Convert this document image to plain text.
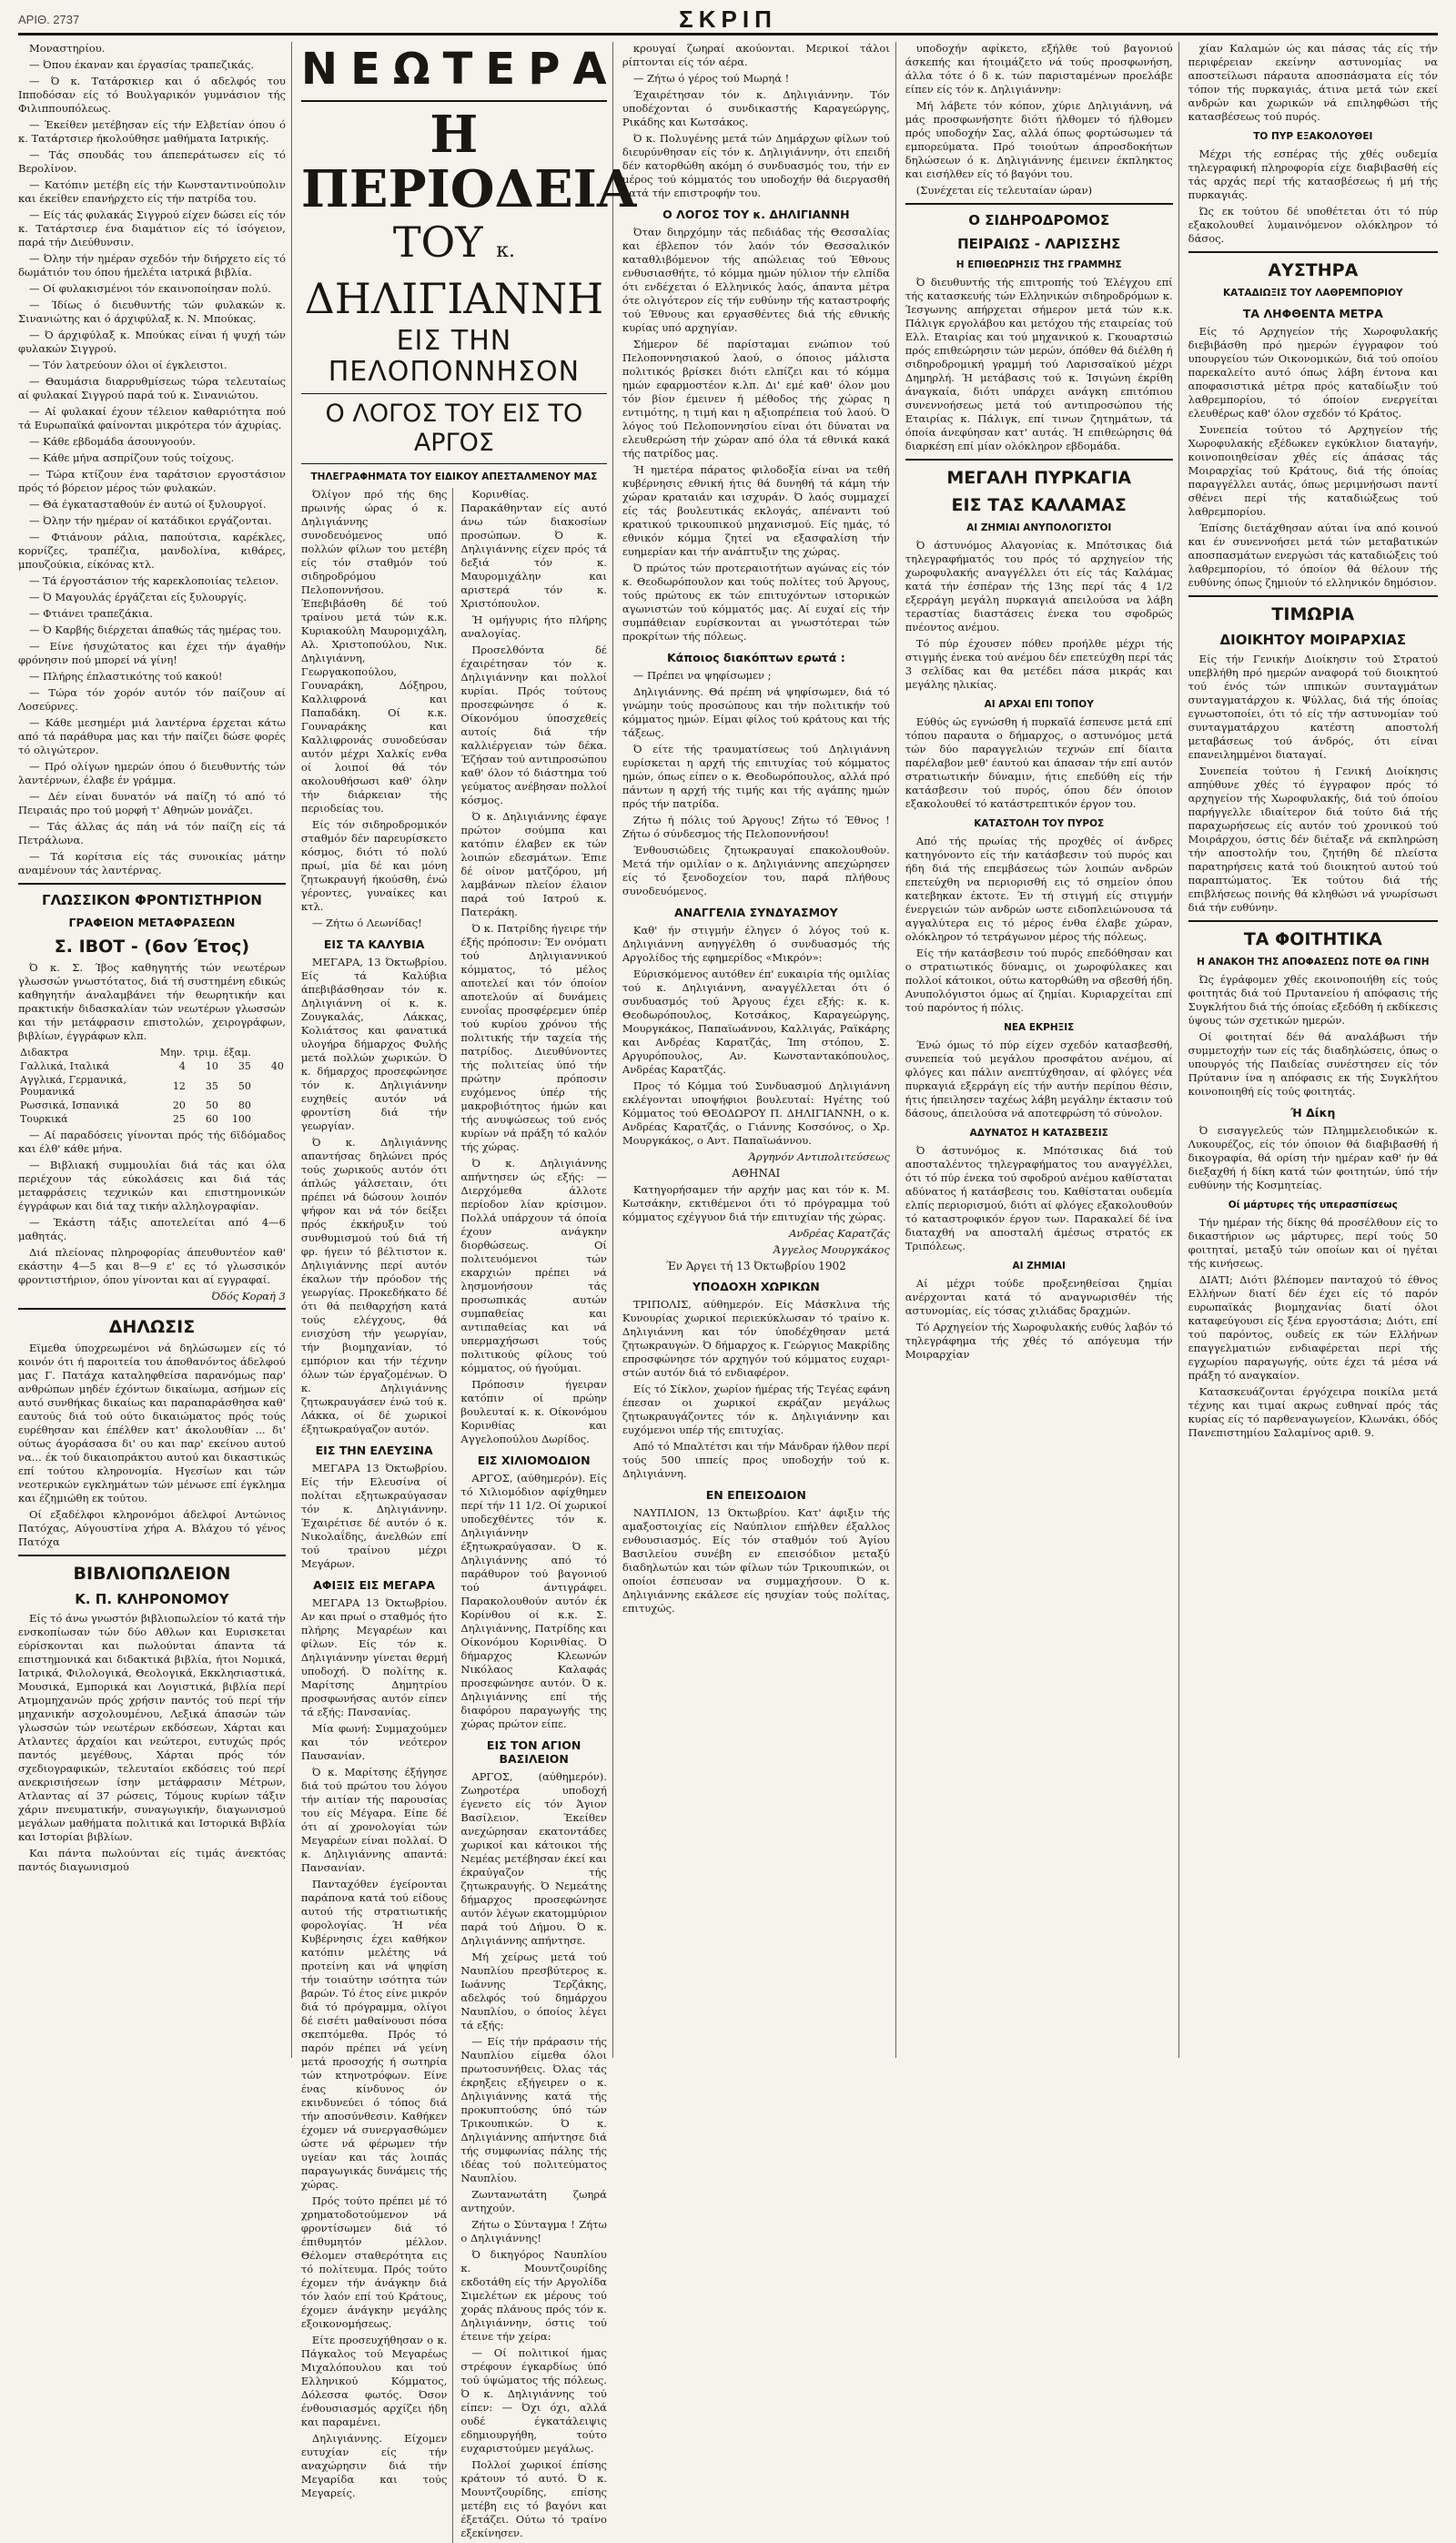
ΑΡΙΘ. 2737	ΣΚΡΙΠ

Μοναστηρίου.

— Όπου έκαναν και έργασίας τραπεζικάς.

— Ό κ. Τατάρσκιερ και ό αδελφός του Ιπποδόσαν είς τό Βουλγαρικόν γυμνάσιον τής Φιλιππουπόλεως.

— Έκείθεν μετέβησαν είς τήν Ελβετίαν όπου ό κ. Τατάρτσιερ ήκολούθησε μαθήματα Ιατρικής.

— Τάς σπουδάς του άπεπεράτωσεν είς τό Βερολίνον.

— Κατόπιν μετέβη είς τήν Κωνσταντινούπολιν και έκείθεν επανήρχετο είς τήν πατρίδα του.

— Είς τάς φυλακάς Σιγγρού είχεν δώσει είς τόν κ. Τατάρτσιερ ένα διαμάτιον είς τό ίσόγειον, παρά τήν Διεύθυνσιν.

— Όλην τήν ημέραν σχεδόν τήν διήρχετο είς τό δωμάτιόν του όπου ήμελέτα ιατρικά βιβλία.

— Οί φυλακισμένοι τόν εκαινοποίησαν πολύ.

— Ίδίως ό διευθυντής τών φυλακών κ. Σινανιώτης και ό άρχιφύλαξ κ. Ν. Μπούκας.

— Ό άρχιφύλαξ κ. Μπούκας είναι ή ψυχή τών φυλακών Σιγγρού.

— Τόν λατρεύουν όλοι οί έγκλειστοι.

— Θαυμάσια διαρρυθμίσεως τώρα τελευταίως αί φυλακαί Σιγγρού παρά τού κ. Σινανιώτου.

— Αί φυλακαί έχουν τέλειον καθαριότητα πού τά Ευρωπαϊκά φαίνονται μικρότερα τόν άχυρίας.

— Κάθε εβδομάδα άσουνγοούν.

— Κάθε μήνα ασπρίζουν τούς τοίχους.

— Τώρα κτίζουν ένα ταράτσιον εργοστάσιον πρός τό βόρειον μέρος τών φυλακών.

— Θά έγκατασταθούν έν αυτώ οί ξυλουργοί.

— Όλην τήν ημέραν οί κατάδικοι εργάζονται.

— Φτιάνουν ράλια, παπούτσια, καρέκλες, κορνίζες, τραπέζια, μανδολίνα, κιθάρες, μπουζούκια, είκόνας κτλ.

— Τά έργοστάσιον τής καρεκλοποιίας τελειον.

— Ό Μαγουλάς έργάζεται είς ξυλουργίς.

— Φτιάνει τραπεζάκια.

— Ό Καρβής διέρχεται άπαθώς τάς ημέρας του.

— Είνε ήσυχώτατος και έχει τήν άγαθήν φρόνησιν πού μπορεί νά γίνη!

— Πλήρης έπλαστικότης τού κακού!

— Τώρα τόν χορόν αυτόν τόν παίζουν αί Λοσεύρνες.

— Κάθε μεσημέρι μιά λαντέρνα έρχεται κάτω από τά παράθυρα μας και τήν παίζει δώσε φορές τό ολιγώτερον.

— Πρό ολίγων ημερών όπου ό διευθυντής τών λαντέρνων, έλαβε έν γράμμα.

— Δέν είναι δυνατόν νά παίζη τό από τό Πειραιάς προ τού μορφή τ' Αθηνών μονάζει.

— Τάς άλλας άς πάη νά τόν παίζη είς τά Πετράλωνα.

— Τά κορίτσια είς τάς συνοικίας μάτην αναμένουν τάς λαντέρνας.

ΓΛΩΣΣΙΚΟΝ ΦΡΟΝΤΙΣΤΗΡΙΟΝ
ΓΡΑΦΕΙΟΝ ΜΕΤΑΦΡΑΣΕΩΝ
Σ. ΙΒΟΤ - (6ον Έτος)

Ό κ. Σ. Ίβος καθηγητής τών νεωτέρων γλωσσών γνωστότατος, διά τή συστημένη εδικώς καθηγητήν άναλαμβάνει τήν θεωρητικήν και πρακτικήν διδασκαλίαν τών νεωτέρων γλωσσών και τήν μετάφρασιν επιστολών, χειρογράφων, βιβλίων, έγγράφων κλπ.

Διδακτρα	Μην.	τριμ.	έξαμ.	
Γαλλικά, Ιταλικά	4	10	35	40
Αγγλικά, Γερμανικά, Ρουμανικά	12	35	50	
Ρωσσικά, Ισπανικά	20	50	80	
Τουρκικά	25	60	100	

— Αί παραδόσεις γίνονται πρός τής 6ϊδόμαδος και έλθ' κάθε μήνα.

— Βιβλιακή συμμουλίαι διά τάς και όλα περιέχουν τάς εύκολάσεις και διά τάς μεταφράσεις τεχνικών και επιστημονικών έγγράφων και διά ταχ τικήν αλληλογραφίαν.

— Έκάστη τάξις αποτελείται από 4—6 μαθητάς.

Διά πλείονας πληροφορίας άπευθυντέον καθ' εκάστην 4—5 και 8—9 ε' ες τό γλωσσικόν φροντιστήριον, όπου γίνονται και αί εγγραφαί.

Όδός Κοραή 3
ΔΗΛΩΣΙΣ

Εϊμεθα ύποχρεωμένοι νά δηλώσωμεν είς τό κοινόν ότι ή παροιτεία του άποθανόντος άδελφού μας Γ. Πατάχα καταληφθείσα παρανόμως παρ' ανθρώπων μηδέν έχόντων δικαίωμα, ασήμων είς αυτό συνθήκας δικαίως και παραπαράσθησα καθ' εαυτούς διά τού ούτο δικαιώματος πρός τούς ευρέθησαν και έπέλθεν κατ' άκολουθίαν ... δι' ούτως άγοράσασα δι' ου και παρ' εκείνου αυτού να... έκ τού δικαιοπράκτου αυτού και δικαστικώς επί τούτου κληρονομία. Ηγεσίων και τών νεοτερικών εγκλημάτων τών μένωσε επί έγκλημα και έζημιώθη εκ τούτου.

Οί εξαδέλφοι κληρονόμοι άδελφοί Αντώνιος Πατόχας, Αύγουστίνα χήρα Α. Βλάχου τό γένος Πατόχα

ΒΙΒΛΙΟΠΩΛΕΙΟΝ
Κ. Π. ΚΛΗΡΟΝΟΜΟΥ

Είς τό άνω γνωστόν βιβλιοπωλείον τό κατά τήν ενσκοπίωσαν τών δύο Αθλων και Ευρισκεται εύρίσκονται και πωλούνται άπαντα τά επιστημονικά και διδακτικά βιβλία, ήτοι Νομικά, Ιατρικά, Φιλολογικά, Θεολογικά, Εκκλησιαστικά, Μουσικά, Εμπορικά και Λογιστικά, βιβλία περί Ατμομηχανών πρός χρήσιν παντός τού περί τήν μηχανικήν ασχολουμένου, Λεξικά άπασών τών γλωσσών τών νεωτέρων εκδόσεων, Χάρται και Ατλαντες άρχαίοι και νεώτεροι, ευτυχώς πρός παντός μεγέθους, Χάρται πρός τόν σχεδιογραφικών, τελευταίοι εκδόσεις τού περί ανεκρισιήσεων ίσην μετάφρασιν Μέτρων, Ατλαντας αί 37 ρώσεις, Τόμους κυρίων τάξιν χάριν πνευματικήν, συναγωγικήν, διαγωνισμού μεγάλων μαθήματα πολιτικά και Ιστορικά Βιβλία και Ιστορίαι βιβλίων.

Και πάντα πωλούνται είς τιμάς άνεκτόας παντός διαγωνισμού

ΝΕΩΤΕΡΑ
Η ΠΕΡΙΟΔΕΙΑ
ΤΟΥ κ. ΔΗΛΙΓΙΑΝΝΗ
ΕΙΣ ΤΗΝ ΠΕΛΟΠΟΝΝΗΣΟΝ
Ο ΛΟΓΟΣ ΤΟΥ ΕΙΣ ΤΟ ΑΡΓΟΣ
ΤΗΛΕΓΡΑΦΗΜΑΤΑ ΤΟΥ ΕΙΔΙΚΟΥ ΑΠΕΣΤΑΛΜΕΝΟΥ ΜΑΣ

Όλίγον πρό τής 6ης πρωινής ώρας ό κ. Δηλιγιάννης συνοδευόμενος υπό πολλών φίλων του μετέβη είς τόν σταθμόν τού σιδηροδρόμου Πελοποννήσου. Έπεβιβάσθη δέ τού τραίνου μετά τών κ.κ. Κυριακούλη Μαυρομιχάλη, Αλ. Χριστοπούλου, Νικ. Δηλιγιάννη, Γεωργακοπούλου, Γουναράκη, Δόξηρου, Καλλιφρονά και Παπαδάκη. Οί κ.κ. Γουναράκης και Καλλιφρονάς συνοδεύσαν αυτόν μέχρι Χαλκίς ενθα οί λοιποί θά τόν ακολουθήσωσι καθ' όλην τήν διάρκειαν τής περιοδείας του.

Είς τόν σιδηροδρομικόν σταθμόν δέν παρευρίσκετο κόσμος, διότι τό πολύ πρωί, μία δέ και μόνη ζητωκραυγή ήκούσθη, ένώ γέροντες, γυναίκες και κτλ.

— Ζήτω ό Λεωνίδας!

ΕΙΣ ΤΑ ΚΑΛΥΒΙΑ

ΜΕΓΑΡΑ, 13 Όκτωβρίου. Είς τά Καλύβια άπεβιβάσθησαν τόν κ. Δηλιγιάννη οί κ. κ. Ζουγκαλάς, Λάκκας, Κολιάτσος και φανατικά υλογήρα δήμαρχος Φυλής μετά πολλών χωρικών. Ό κ. δήμαρχος προσεφώνησε τόν κ. Δηλιγιάννην ευχηθείς αυτόν νά φροντίση διά τήν γεωργίαν.

Ό κ. Δηλιγιάννης απαντήσας δηλώνει πρός τούς χωρικούς αυτόν ότι άπλώς γάλσεταιν, ότι πρέπει νά δώσουν λοιπόν ψήφον και νά τόν δείξει πρός έκκήρυξιν τού συνθυμισμού τού διά τή φρ. ήγειν τό βέλτιστον κ. Δηλιγιάννης περί αυτόν έκαλων τήν πρόοδον τής γεωργίας. Προκεδήκατο δέ ότι θά πειθαρχήση κατά τούς ελέγχους, θά ενισχύση τήν γεωργίαν, τήν βιομηχανίαν, τό εμπόριον και τήν τέχνην όλων τών έργαζομένων. Ό κ. Δηλιγιάννης ζητωκραυγάσεν ένώ τού κ. Λάκκα, οί δέ χωρικοί έξητωκραύγαζον αυτόν.

ΕΙΣ ΤΗΝ ΕΛΕΥΣΙΝΑ

ΜΕΓΑΡΑ 13 Όκτωβρίου. Είς τήν Ελευσίνα οί πολίται εξητωκραύγασαν τόν κ. Δηλιγιάννην. Έχαιρέτισε δέ αυτόν ό κ. Νικολαΐδης, άνελθών επί τού τραίνου μέχρι Μεγάρων.

ΑΦΙΞΙΣ ΕΙΣ ΜΕΓΑΡΑ

ΜΕΓΑΡΑ 13 Όκτωβρίου. Αν και πρωί ο σταθμός ήτο πλήρης Μεγαρέων και φίλων. Είς τόν κ. Δηλιγιάννην γίνεται θερμή υποδοχή. Ό πολίτης κ. Μαρίτσης Δημητρίου προσφωνήσας αυτόν είπεν τά εξής: Πανσανίας.

Μία φωνή: Συμμαχούμεν και τόν νεότερον Παυσανίαν.

Ό κ. Μαρίτσης έξήγησε διά τού πρώτου του λόγου τήν αιτίαν τής παρουσίας του είς Μέγαρα. Είπε δέ ότι αί χρονολογίαι τών Μεγαρέων είναι πολλαί. Ό κ. Δηλιγιάννης απαντά: Πανσανίαν.

Πανταχόθεν έγείρονται παράπονα κατά τού είδους αυτού τής στρατιωτικής φορολογίας. Ή νέα Κυβέρνησις έχει καθήκον κατόπιν μελέτης νά προτείνη και νά ψηφίση τήν τοιαύτην ισότητα τών βαρών. Τό έτος είνε μικρόν διά τό πρόγραμμα, ολίγοι δέ εισέτι μαθαίνουσι πόσα σκεπτόμεθα. Πρός τό παρόν πρέπει νά γείνη μετά προσοχής ή σωτηρία τών κτηνοτρόφων. Είνε ένας κίνδυνος όν εκινδυνεύει ό τόπος διά τήν αποσύνθεσιν. Καθήκεν έχομεν νά συνεργασθώμεν ώστε νά φέρωμεν τήν υγείαν και τάς λοιπάς παραγωγικάς δυνάμεις τής χώρας.

Πρός τούτο πρέπει μέ τό χρηματοδοτούμενον νά φροντίσωμεν διά τό έπιθυμητόν μέλλον. Θέλομεν σταθερότητα εις τό πολίτευμα. Πρός τούτο έχομεν τήν άνάγκην διά τόν λαόν επί τού Κράτους, έχομεν άνάγκην μεγάλης εξοικονομήσεως.

Είτε προσευχήθησαν ο κ. Πάγκαλος τού Μεγαρέως Μιχαλόπουλου και τού Ελληνικού Κόμματος, Δόλεσσα φωτός. Όσον ένθουσιασμός αρχίζει ήδη και παραμένει.

Δηλιγιάννης. Είχομεν ευτυχίαν είς τήν αναχώρησιν διά τήν Μεγαρίδα και τούς Μεγαρείς.

Κορινθίας. Παρακάθηνταν είς αυτό άνω τών διακοσίων προσώπων. Ό κ. Δηλιγιάννης είχεν πρός τά δεξιά τόν κ. Μαυρομιχάλην και αριστερά τόν κ. Χριστόπουλον.

Ή ομήγυρις ήτο πλήρης αναλογίας.

Προσελθόντα δέ έχαιρέτησαν τόν κ. Δηλιγιάννην και πολλοί κυρίαι. Πρός τούτους προσεφώνησε ό κ. Οίκονόμου ύποσχεθείς αυτοίς διά τήν καλλιέργειαν τών δέκα. Έζήσαν τού αντιπροσώπου καθ' όλον τό διάστημα τού γεύματος ανέβησαν πολλοί κόσμος.

Ό κ. Δηλιγιάννης έφαγε πρώτον σούμπα και κατόπιν έλαβεν εκ τών λοιπών εδεσμάτων. Έπιε δέ οίνον ματζόρου, μή λαμβάνων πλείον έλαιον παρά τού Ιατρού κ. Πατεράκη.

Ό κ. Πατρίδης ήγειρε τήν έξής πρόποσιν: Έν ονόματι τού Δηλιγιαννικού κόμματος, τό μέλος αποτελεί και τόν όποίον αποτελούν αί δυνάμεις ευνοΐας προσφέρεμεν ύπέρ τού κυρίου χρόνου τής πολιτικής τήν ταχεία τής πατρίδος. Διευθύνοντες τής πολιτείας ύπό τήν πρώτην πρόποσιν ευχόμενος ύπέρ τής μακροβιότητος ήμών και τής ανυψώσεως τού ενός κυρίων νά πράξη τό καλόν τής χώρας.

Ό κ. Δηλιγιάννης απήντησεν ώς εξής: — Διερχόμεθα άλλοτε περίοδον λίαν κρίσιμον. Πολλά υπάρχουν τά όποία έχουν ανάγκην διορθώσεως. Οί πολιτευόμενοι τών εκαρχιών πρέπει νά λησμονήσουν τάς προσωπικάς αυτών συμπαθείας και αντιπαθείας και νά υπερμαχήσωσι τούς πολιτικούς φίλους τού κόμματος, ού ήγούμαι.

Πρόποσιν ήγειραν κατόπιν οί πρώην βουλευταί κ. κ. Οίκονόμου Κορινθίας και Αγγελοπούλου Δωρίδος.

ΕΙΣ ΧΙΛΙΟΜΟΔΙΟΝ

ΑΡΓΟΣ, (αύθημερόν). Είς τό Χιλιομόδιον αφίχθημεν περί τήν 11 1/2. Οί χωρικοί υποδεχθέντες τόν κ. Δηλιγιάννην έξητωκραύγασαν. Ό κ. Δηλιγιάννης από τό παράθυρον τού βαγονιού τού άντιγράφει. Παρακολουθούν αυτόν έκ Κορίνθου οί κ.κ. Σ. Δηλιγιάννης, Πατρίδης και Οίκονόμου Κορινθίας. Ό δήμαρχος Κλεωνών Νικόλαος Καλαφάς προσεφώνησε αυτόν. Ό κ. Δηλιγιάννης επί τής διαφόρου παραγωγής της χώρας πρώτον είπε.

ΕΙΣ ΤΟΝ ΑΓΙΟΝ ΒΑΣΙΛΕΙΟΝ

ΑΡΓΟΣ, (αύθημερόν). Ζωηροτέρα υποδοχή έγενετο είς τόν Άγιον Βασίλειον. Έκείθεν ανεχώρησαν εκατοντάδες χωρικοί και κάτοικοι τής Νεμέας μετέβησαν έκεί και έκραύγαζον τής ζητωκραυγής. Ό Νεμεάτης δήμαρχος προσεφώνησε αυτόν λέγων εκατομμύριον παρά τού Δήμου. Ό κ. Δηλιγιάννης απήντησε.

Μή χείρως μετά τού Ναυπλίου πρεσβύτερος κ. Ιωάννης Τερζάκης, αδελφός τού δημάρχου Ναυπλίου, ο όποίος λέγει τά εξής:

— Είς τήν πράρασιν τής Ναυπλίου είμεθα όλοι πρωτοσυνήθεις. Όλας τάς έκρηξεις εξήγειρεν ο κ. Δηλιγιάννης κατά τής προκυπτούσης ύπό τών Τρικουπικών. Ό κ. Δηλιγιάννης απήντησε διά τής συμφωνίας πάλης τής ιδέας τού πολιτεύματος Ναυπλίου.

Ζωντανωτάτη ζωηρά αντηχούν.

Ζήτω ο Σύνταγμα ! Ζήτω ο Δηλιγιάννης!

Ό δικηγόρος Ναυπλίου κ. Μουντζουρίδης εκδοτάθη είς τήν Αργολίδα Σιμελέτων εκ μέρους τού χοράς πλάνους πρός τόν κ. Δηλιγιάννην, όστις τού έτεινε τήν χείρα:

— Οί πολιτικοί ήμας στρέφουν έγκαρδίως ύπό τού ύψώματος τής πόλεως. Ό κ. Δηλιγιάννης τού είπεν: — Όχι όχι, αλλά ουδέ έγκατάλειψις εδημιουργήθη, τούτο ευχαριστούμεν μεγάλως.

Πολλοί χωρικοί έπίσης κράτουν τό αυτό. Ό κ. Μουντζουρίδης, επίσης μετέβη εις τό βαγόνι και έξετάζει. Ούτω τό τραίνο εξεκίνησεν.

κρουγαί ζωηραί ακούονται. Μερικοί τάλοι ρίπτονται είς τόν αέρα.

— Ζήτω ό γέρος τού Μωρηά !

Έχαιρέτησαν τόν κ. Δηλιγιάννην. Τόν υποδέχονται ό συνδικαστής Καραγεώργης, Ρικάδης και Κωτσάκος.

Ό κ. Πολυγένης μετά τών Δημάρχων φίλων τού διευρύνθησαν είς τόν κ. Δηλιγιάννην, ότι επειδή δέν κατορθώθη ακόμη ό συνδυασμός του, τήν εν μέρος τού κόμματός του υποδοχήν θά διεργασθή κατά τήν επιστροφήν του.

Ο ΛΟΓΟΣ ΤΟΥ κ. ΔΗΛΙΓΙΑΝΝΗ

Όταν διηρχόμην τάς πεδιάδας τής Θεσσαλίας και έβλεπον τόν λαόν τόν Θεσσαλικόν καταθλιβόμενον τής απώλειας τού Έθνους ενθυσιασθήτε, τό κόμμα ημών ηύλιον τήν ελπίδα ότι ενδέχεται ό Ελληνικός λαός, άπαντα μέτρα ότε ολιγότερον είς τήν ευθύνην τής καταστροφής τού Έθνους και εργασθέντες διά τής εθνικής κυρίας υπό αρχηγίαν.

Σήμερον δέ παρίσταμαι ενώπιον τού Πελοποννησιακού λαού, ο όποιος μάλιστα πολιτικός βρίσκει διότι ελπίζει και τό κόμμα ημών εφαρμοστέον κ.λπ. Δι' εμέ καθ' όλον μου τόν βίον έμεινεν ή μέθοδος τής χώρας η εντιμότης, η τιμή και η αξιοπρέπεια τού λαού. Ό λόγος τού Πελοποννησίου είναι ότι δύναται να ελευθερώση τήν χώραν από όλα τά εθνικά κακά τής πατρίδος μας.

Ή ημετέρα πάρατος φιλοδοξία είναι να τεθή κυβέρνησις εθνική ήτις θά δυνηθή τά κάμη τήν χώραν κραταιάν και ισχυράν. Ό λαός συμμαχεί είς τάς βουλευτικάς εκλογάς, απέναντι τού κρατικού τρικουπικού μηχανισμού. Είς ημάς, τό εθνικόν κόμμα ζητεί να εξασφαλίση τήν ευημερίαν και τήν ανάπτυξιν της χώρας.

Ό πρώτος τών προτεραιοτήτων αγώνας είς τόν κ. Θεοδωρόπουλον και τούς πολίτες τού Άργους, τούς πρώτους εκ τών επιτυχόντων ιστορικών αγωνιστών τού κόμματός μας. Αί ευχαί είς τήν συμπάθειαν ευρίσκονται αι γνωστότεραι τών προκρίτων τής πόλεως.

Κάποιος διακόπτων ερωτά :

— Πρέπει να ψηφίσωμεν ;

Δηλιγιάννης. Θά πρέπη νά ψηφίσωμεν, διά τό γνώμην τούς προσώπους και τήν πολιτικήν τού κόμματος ημών. Είμαι φίλος τού κράτους και τής τάξεως.

Ό είτε τής τραυματίσεως τού Δηλιγιάννη ευρίσκεται η αρχή τής επιτυχίας τού κόμματος ημών, όπως είπεν ο κ. Θεοδωρόπουλος, αλλά πρό πάντων η αρχή τής τιμής και τής αγάπης ημών πρός τήν πατρίδα.

Ζήτω ή πόλις τού Άργους! Ζήτω τό Έθνος ! Ζήτω ό σύνδεσμος τής Πελοποννήσου!

Ένθουσιώδεις ζητωκραυγαί επακολουθούν. Μετά τήν ομιλίαν ο κ. Δηλιγιάννης απεχώρησεν είς τό ξενοδοχείον του, παρά πλήθους συνοδευόμενος.

ΑΝΑΓΓΕΛΙΑ ΣΥΝΔΥΑΣΜΟΥ

Καθ' ήν στιγμήν έληγεν ό λόγος τού κ. Δηλιγιάννη ανηγγέλθη ό συνδυασμός τής Αργολίδος τής εφημερίδος «Μικρόν»:

Εύρισκόμενος αυτόθεν έπ' ευκαιρία τής ομιλίας τού κ. Δηλιγιάννη, αναγγέλλεται ότι ό συνδυασμός τού Άργους έχει εξής: κ. κ. Θεοδωρόπουλος, Κοτσάκος, Καραγεώργης, Μουργκάκος, Παπαϊωάννου, Καλλιγάς, Ραϊκάρης και Ανδρέας Καρατζάς, Ίπη στόπου, Σ. Αργυρόπουλος, Αν. Κωνσταντακόπουλος, Ανδρέας Καρατζάς.

Προς τό Κόμμα τού Συνδυασμού Δηλιγιάννη εκλέγονται υποψήφιοι βουλευταί: Ηγέτης τού Κόμματος τού ΘΕΟΔΩΡΟΥ Π. ΔΗΛΙΓΙΑΝΝΗ, ο κ. Ανδρέας Καρατζάς, ο Γιάννης Κοσσόνος, ο Χρ. Μουργκάκος, ο Αντ. Παπαϊωάννου.

Άργηνόν Αντιπολιτεύσεως
ΑΘΗΝΑΙ

Κατηγορήσαμεν τήν αρχήν μας και τόν κ. Μ. Κωτσάκην, εκτιθέμενοι ότι τό πρόγραμμα τού κόμματος εχέγγυον διά τήν επιτυχίαν τής χώρας.

Ανδρέας Καρατζάς
Άγγελος Μουργκάκος
Έν Άργει τή 13 Όκτωβρίου 1902
ΥΠΟΔΟΧΗ ΧΩΡΙΚΩΝ

ΤΡΙΠΟΛΙΣ, αύθημερόν. Είς Μάσκλινα τής Κυνουρίας χωρικοί περιεκύκλωσαν τό τραίνο κ. Δηλιγιάννη και τόν ύποδέχθησαν μετά ζητωκραυγών. Ό δήμαρχος κ. Γεώργιος Μακρίδης επροσφώνησε τόν αρχηγόν τού κόμματος ευχαριστών αυτόν διά τό ενδιαφέρον.

Είς τό Σίκλον, χωρίον ήμέρας τής Τεγέας εφάνη έπεσαν οι χωρικοί εκράζαν μεγάλως ζητωκραυγάζοντες τόν κ. Δηλιγιάννην και ευχόμενοι υπέρ τής επιτυχίας.

Από τό Μπαλτέτσι και τήν Μάνδραν ήλθον περί τούς 500 ιππείς προς υποδοχήν τού κ. Δηλιγιάννη.

ΕΝ ΕΠΕΙΣΟΔΙΟΝ

ΝΑΥΠΛΙΟΝ, 13 Όκτωβρίου. Κατ' άφιξιν τής αμαξοστοιχίας είς Ναύπλιον επήλθεν έξαλλος ενθουσιασμός. Είς τόν σταθμόν τού Άγίου Βασιλείου συνέβη εν επεισόδιον μεταξύ διαδηλωτών και τών φίλων τών Τρικουπικών, οι οποίοι έσπευσαν να συμμαχήσουν. Ό κ. Δηλιγιάννης εκάλεσε είς ησυχίαν τούς πολίτας, επιτυχώς.

υποδοχήν αφίκετο, εξήλθε τού βαγονιού άσκεπής και ήτοιμάζετο νά τούς προσφωνήση, άλλα τότε ό δ κ. τών παρισταμένων προελάβε είπεν είς τόν κ. Δηλιγιάννην:

Μή λάβετε τόν κόπον, χύριε Δηλιγιάννη, νά μάς προσφωνήσητε διότι ήλθομεν τό ήλθομεν πρός υποδοχήν Σας, αλλά όπως φορτώσωμεν τά εμπορεύματα. Πρό τοιούτων άπροσδοκήτων δηλώσεων ό κ. Δηλιγιάννης έμεινεν έκπληκτος και εισήλθεν είς τό βαγόνι του.

(Συνέχεται είς τελευταίαν ώραν)

Ο ΣΙΔΗΡΟΔΡΟΜΟΣ
ΠΕΙΡΑΙΩΣ - ΛΑΡΙΣΣΗΣ
Η ΕΠΙΘΕΩΡΗΣΙΣ ΤΗΣ ΓΡΑΜΜΗΣ

Ό διευθυντής τής επιτροπής τού Έλέγχου επί τής κατασκευής τών Ελληνικών σιδηροδρόμων κ. Ίεσγωνης απήρχεται σήμερον μετά τών κ.κ. Πάλιγκ εργολάβου και μετόχου τής εταιρείας τού Ελλ. Εταιρίας και τού μηχανικού κ. Γκουαρτσιώ πρός επιθεώρησιν τών μερών, όπόθεν θά διέλθη ή σιδηροδρομική γραμμή τού Λαρισσαϊκού μέχρι Δημηρλή. Ή μετάβασις τού κ. Ίσιγώνη έκρίθη άναγκαία, διότι υπάρχει ανάγκη επιτόπιου συνεννοήσεως μετά τού αντιπροσώπου τής Εταιρίας κ. Πάλιγκ, επί τινων ζητημάτων, τά όποία άνεφύησαν κατ' αυτάς. Ή επιθεώρησις θά διαρκέση επί μίαν ολόκληρον εβδομάδα.

ΜΕΓΑΛΗ ΠΥΡΚΑΓΙΑ
ΕΙΣ ΤΑΣ ΚΑΛΑΜΑΣ
ΑΙ ΖΗΜΙΑΙ ΑΝΥΠΟΛΟΓΙΣΤΟΙ

Ό άστυνόμος Αλαγονίας κ. Μπότσικας διά τηλεγραφήματός του πρός τό αρχηγείον τής χωροφυλακής αναγγέλλει ότι είς τάς Καλάμας κατά τήν έσπέραν τής 13ης περί τάς 4 1/2 εξερράγη μεγάλη πυρκαγιά απειλούσα να λάβη τεραστίας διαστάσεις ένεκα του σφοδρώς πνέοντος ανέμου.

Τό πύρ έχουσεν πόθεν προήλθε μέχρι τής στιγμής ένεκα τού ανέμου δέν επετεύχθη περί τάς 3 σελίδας και θα μετέδει πάσα μικράς και μεγάλης ηλικίας.

ΑΙ ΑΡΧΑΙ ΕΠΙ ΤΟΠΟΥ

Εύθύς ώς εγνώσθη ή πυρκαϊά έσπευσε μετά επί τόπου παραυτα ο δήμαρχος, ο αστυνόμος μετά τών δύο παραγγελιών τεχνών επί δίαιτα παρέλαβον μεθ' έαυτού και άπασαν τήν επί αυτόν στρατιωτικήν δύναμιν, ήτις επεδύθη είς τήν κατάσβεσιν τού πυρός, όπου δέν όποιον εξακολουθεί τό κατάστρεπτικόν έργον του.

ΚΑΤΑΣΤΟΛΗ ΤΟΥ ΠΥΡΟΣ

Από τής πρωίας τής προχθές οί άνδρες κατηγόνοντο είς τήν κατάσβεσιν τού πυρός και ήδη διά τής επεμβάσεως τών λοιπών ανδρών επετεύχθη να περιορισθή εις τό σημείον όπου κατεβηκαν έκτοτε. Έν τή στιγμή είς στιγμήν ένεργειών τών ανδρών ωστε ειδοπλειώνουσα τά αγγαλύτερα εις τό μέρος ένθα έλαβε χώραν, ολόκληρον τό τετράγωνον μέρος τής πόλεως.

Είς τήν κατάσβεσιν τού πυρός επεδόθησαν και ο στρατιωτικός δύναμις, οι χωροφύλακες και πολλοί κάτοικοι, ούτω κατορθώθη να σβεσθή ήδη. Ανυπολόγιστοι όμως αί ζημίαι. Κυριαρχείται επί τού παρόντος ή πόλις.

ΝΕΑ ΕΚΡΗΞΙΣ

Ένώ όμως τό πύρ είχεν σχεδόν κατασβεσθή, συνεπεία τού μεγάλου προσφάτου ανέμου, αί φλόγες και πάλιν ανεπτύχθησαν, αί φλόγες νέα πυρκαγιά εξερράγη είς τήν αυτήν περίπου θέσιν, ήτις ήπειλησεν ταχέως λάβη μεγάλην έκτασιν τού δάσους, άπειλούσα νά αποτεφρώση τό σύνολον.

ΑΔΥΝΑΤΟΣ Η ΚΑΤΑΣΒΕΣΙΣ

Ό άστυνόμος κ. Μπότσικας διά τού αποσταλέντος τηλεγραφήματος του αναγγέλλει, ότι τό πύρ ένεκα τού σφοδρού ανέμου καθίσταται αδύνατος ή κατάσβεσις του. Καθίσταται ουδεμία ελπίς περιορισμού, διότι αί φλόγες εξακολουθούν τό καταστροφικόν έργον των. Παρακαλεί δέ ίνα διαταχθή να αποσταλή άμέσως στρατός εκ Τριπόλεως.

ΑΙ ΖΗΜΙΑΙ

Αί μέχρι τούδε προξενηθείσαι ζημίαι ανέρχονται κατά τό αναγνωρισθέν τής αστυνομίας, είς τόσας χιλιάδας δραχμών.

Τό Αρχηγείον τής Χωροφυλακής ευθύς λαβόν τό τηλεγράφημα τής χθές τό απόγευμα τήν Μοιραρχίαν

χίαν Καλαμών ώς και πάσας τάς είς τήν περιφέρειαν εκείνην αστυνομίας να αποστείλωσι πάραυτα αποσπάσματα είς τόν τόπον τής πυρκαγιάς, άτινα μετά τών εκεί ανδρών και χωρικών νά επιληφθώσι τής κατασβέσεως τού πυρός.

ΤΟ ΠΥΡ ΕΞΑΚΟΛΟΥΘΕΙ

Μέχρι τής εσπέρας τής χθές ουδεμία τηλεγραφική πληροφορία είχε διαβιβασθή είς τάς αρχάς περί τής κατασβέσεως ή μή τής πυρκαγιάς.

Ώς εκ τούτου δέ υποθέτεται ότι τό πύρ εξακολουθεί λυμαινόμενον ολόκληρον τό δάσος.

ΑΥΣΤΗΡΑ
ΚΑΤΑΔΙΩΞΙΣ ΤΟΥ ΛΑΘΡΕΜΠΟΡΙΟΥ
ΤΑ ΛΗΦΘΕΝΤΑ ΜΕΤΡΑ

Είς τό Αρχηγείον τής Χωροφυλακής διεβιβάσθη πρό ημερών έγγραφον τού υπουργείου τών Οικονομικών, διά τού οποίου παρεκαλείτο αυτό όπως λάβη έντονα και αποφασιστικά μέτρα πρός καταδίωξιν τού λαθρεμπορίου, τό όποίον ενεργείται ελευθέρως καθ' όλον σχεδόν τό Κράτος.

Συνεπεία τούτου τό Αρχηγείον τής Χωροφυλακής εξέδωκεν εγκύκλιον διαταγήν, κοινοποιηθείσαν χθές είς άπάσας τάς Μοιραρχίας τού Κράτους, διά τής όποίας παραγγέλλει αυτάς, όπως μεριμνήσωσι παντί σθένει περί τής καταδιώξεως τού λαθρεμπορίου.

Έπίσης διετάχθησαν αύται ίνα από κοινού και έν συνεννοήσει μετά τών μεταβατικών αποσπασμάτων ενεργώσι τάς καταδιώξεις τού λαθρεμπορίου, τό όποίον θά θέλουν τής ευθύνης όπως ζημιούν τό ελληνικόν δημόσιον.

ΤΙΜΩΡΙΑ
ΔΙΟΙΚΗΤΟΥ ΜΟΙΡΑΡΧΙΑΣ

Είς τήν Γενικήν Διοίκησιν τού Στρατού υπεβλήθη πρό ημερών αναφορά τού διοικητού τού ένός τών ιππικών συνταγμάτων συνταγματάρχου κ. Ψύλλας, διά τής όποίας εγνωστοποίει, ότι τό είς τήν αστυνομίαν τού συνταγματάρχου κατέστη αποστολή μεταβάσεως τού άνδρός, ότι είναι επανειλημμένοι διαταγαί.

Συνεπεία τούτου ή Γενική Διοίκησις απηύθυνε χθές τό έγγραφον πρός τό αρχηγείον τής Χωροφυλακής, διά τού όποίου παρήγγελλε ιδιαίτερον διά τούτο διά τής παραχωρήσεως είς αυτόν τού χρονικού τού Μοιράρχου, όστις δέν διέταξε νά εκπληρώση τήν αποστολήν του, ζητήθη δέ πλείστα παρατηρήσεις κατά τού διοικητού αυτού τού παραπτώματος. Έκ τούτου διά τής επιβλήσεως ποινής θά κληθώσι νά γνωρίσωσι διά τήν ευθύνην.

ΤΑ ΦΟΙΤΗΤΙΚΑ
Η ΑΝΑΚΟΗ ΤΗΣ ΑΠΟΦΑΣΕΩΣ ΠΟΤΕ ΘΑ ΓΙΝΗ

Ώς έγράφομεν χθές εκοινοποιήθη είς τούς φοιτητάς διά τού Πρυτανείου ή απόφασις τής Συγκλήτου διά τής όποίας εξεδόθη ή εκδίκεσις ύψους τών σχετικών ημερών.

Οί φοιτηταί δέν θά αναλάβωσι τήν συμμετοχήν των είς τάς διαδηλώσεις, όπως ο υπουργός τής Παιδείας συνέστησεν είς τόν Πρύτανιν ίνα η απόφασις εκ τής Συγκλήτου κοινοποιηθή είς τούς φοιτητάς.

Ή Δίκη

Ό εισαγγελεύς τών Πλημμελειοδικών κ. Λυκουρέζος, είς τόν όποιον θά διαβιβασθή ή δικογραφία, θά ορίση τήν ημέραν καθ' ήν θά διεξαχθή ή δίκη κατά τών φοιτητών, ύπό τήν ευθύνην τής Κοσμητείας.

Οί μάρτυρες τής υπερασπίσεως

Τήν ημέραν τής δίκης θά προσέλθουν είς το δικαστήριον ως μάρτυρες, περί τούς 50 φοιτηταί, μεταξύ τών οποίων και οί ηγέται τής κινήσεως.

ΔΙΑΤΙ; Διότι βλέπομεν πανταχού τό έθνος Ελλήνων διατί δέν έχει είς τό παρόν ευρωπαϊκάς βιομηχανίας διατί όλοι καταφεύγουσι είς ξένα εργοστάσια; Διότι, επί τού παρόντος, ουδείς εκ τών Ελλήνων επαγγελματιών ενδιαφέρεται περί τής εγχωρίου παραγωγής, ούτε έχει τά μέσα νά πράξη τό αναγκαίον.

Κατασκευάζονται έργόχειρα ποικίλα μετά τέχνης και τιμαί ακρως ευθηναί πρός τάς κυρίας είς τό παρθεναγωγείον, Κλωνάκι, όδός Πανεπιστημίου Σαλαμίνος αριθ. 9.
